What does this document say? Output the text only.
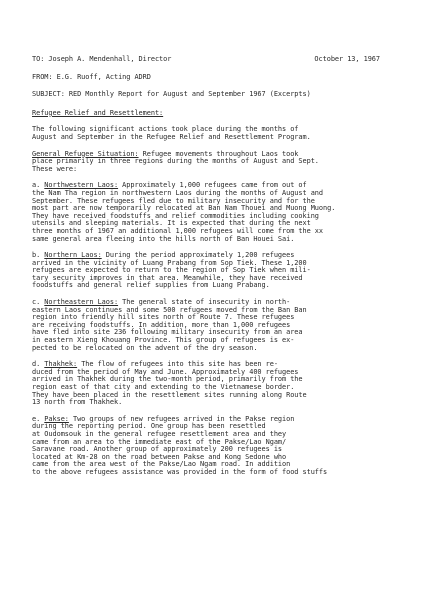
TO: Joseph A. Mendenhall, Director	October 13, 1967
FROM: E.G. Ruoff, Acting ADRD
SUBJECT: RED Monthly Report for August and September 1967 (Excerpts)
Refugee Relief and Resettlement:
The following significant actions took place during the months of
August and September in the Refugee Relief and Resettlement Program.
General Refugee Situation: Refugee movements throughout Laos took
place primarily in three regions during the months of August and Sept.
These were:
a. Northwestern Laos: Approximately 1,000 refugees came from out of
the Nam Tha region in northwestern Laos during the months of August and
September. These refugees fled due to military insecurity and for the
most part are now temporarily relocated at Ban Nam Thouei and Muong Muong.
They have received foodstuffs and relief commodities including cooking
utensils and sleeping materials. It is expected that during the next
three months of 1967 an additional 1,000 refugees will come from the xx
same general area fleeing into the hills north of Ban Houei Sai.
b. Northern Laos: During the period approximately 1,200 refugees
arrived in the vicinity of Luang Prabang from Sop Tiek. These 1,200
refugees are expected to return to the region of Sop Tiek when mili-
tary security improves in that area. Meanwhile, they have received
foodstuffs and general relief supplies from Luang Prabang.
c. Northeastern Laos: The general state of insecurity in north-
eastern Laos continues and some 500 refugees moved from the Ban Ban
region into friendly hill sites north of Route 7. These refugees
are receiving foodstuffs. In addition, more than 1,000 refugees
have fled into site 236 following military insecurity from an area
in eastern Xieng Khouang Province. This group of refugees is ex-
pected to be relocated on the advent of the dry season.
d. Thakhek: The flow of refugees into this site has been re-
duced from the period of May and June. Approximately 400 refugees
arrived in Thakhek during the two-month period, primarily from the
region east of that city and extending to the Vietnamese border.
They have been placed in the resettlement sites running along Route
13 north from Thakhek.
e. Pakse: Two groups of new refugees arrived in the Pakse region
during the reporting period. One group has been resettled
at Oudomsouk in the general refugee resettlement area and they
came from an area to the immediate east of the Pakse/Lao Ngam/
Saravane road. Another group of approximately 200 refugees is
located at Km-28 on the road between Pakse and Kong Sedone who
came from the area west of the Pakse/Lao Ngam road. In addition
to the above refugees assistance was provided in the form of food stuffs
